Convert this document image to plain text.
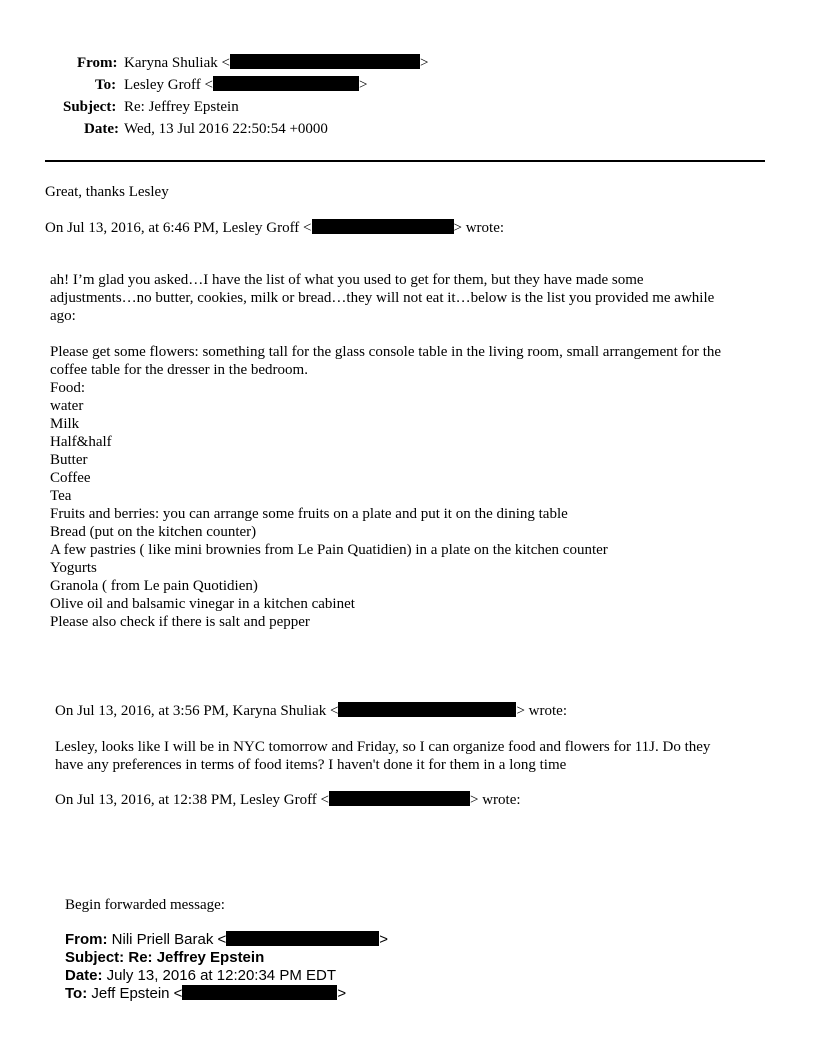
From: Karyna Shuliak <	>
To: Lesley Groff <	>
Subject: Re: Jeffrey Epstein
Date: Wed, 13 Jul 2016 22:50:54 +0000
Great, thanks Lesley
On Jul 13, 2016, at 6:46 PM, Lesley Groff <	> wrote:
ah! I’m glad you asked…I have the list of what you used to get for them, but they have made some
adjustments…no butter, cookies, milk or bread…they will not eat it…below is the list you provided me awhile
ago:
Please get some flowers: something tall for the glass console table in the living room, small arrangement for the
coffee table for the dresser in the bedroom.
Food:
water
Milk
Half&half
Butter
Coffee
Tea
Fruits and berries: you can arrange some fruits on a plate and put it on the dining table
Bread (put on the kitchen counter)
A few pastries ( like mini brownies from Le Pain Quatidien) in a plate on the kitchen counter
Yogurts
Granola ( from Le pain Quotidien)
Olive oil and balsamic vinegar in a kitchen cabinet
Please also check if there is salt and pepper
On Jul 13, 2016, at 3:56 PM, Karyna Shuliak <	> wrote:
Lesley, looks like I will be in NYC tomorrow and Friday, so I can organize food and flowers for 11J. Do they
have any preferences in terms of food items? I haven't done it for them in a long time
On Jul 13, 2016, at 12:38 PM, Lesley Groff <	> wrote:
Begin forwarded message:
From: Nili Priell Barak <	>
Subject: Re: Jeffrey Epstein
Date: July 13, 2016 at 12:20:34 PM EDT
To: Jeff Epstein <	>
